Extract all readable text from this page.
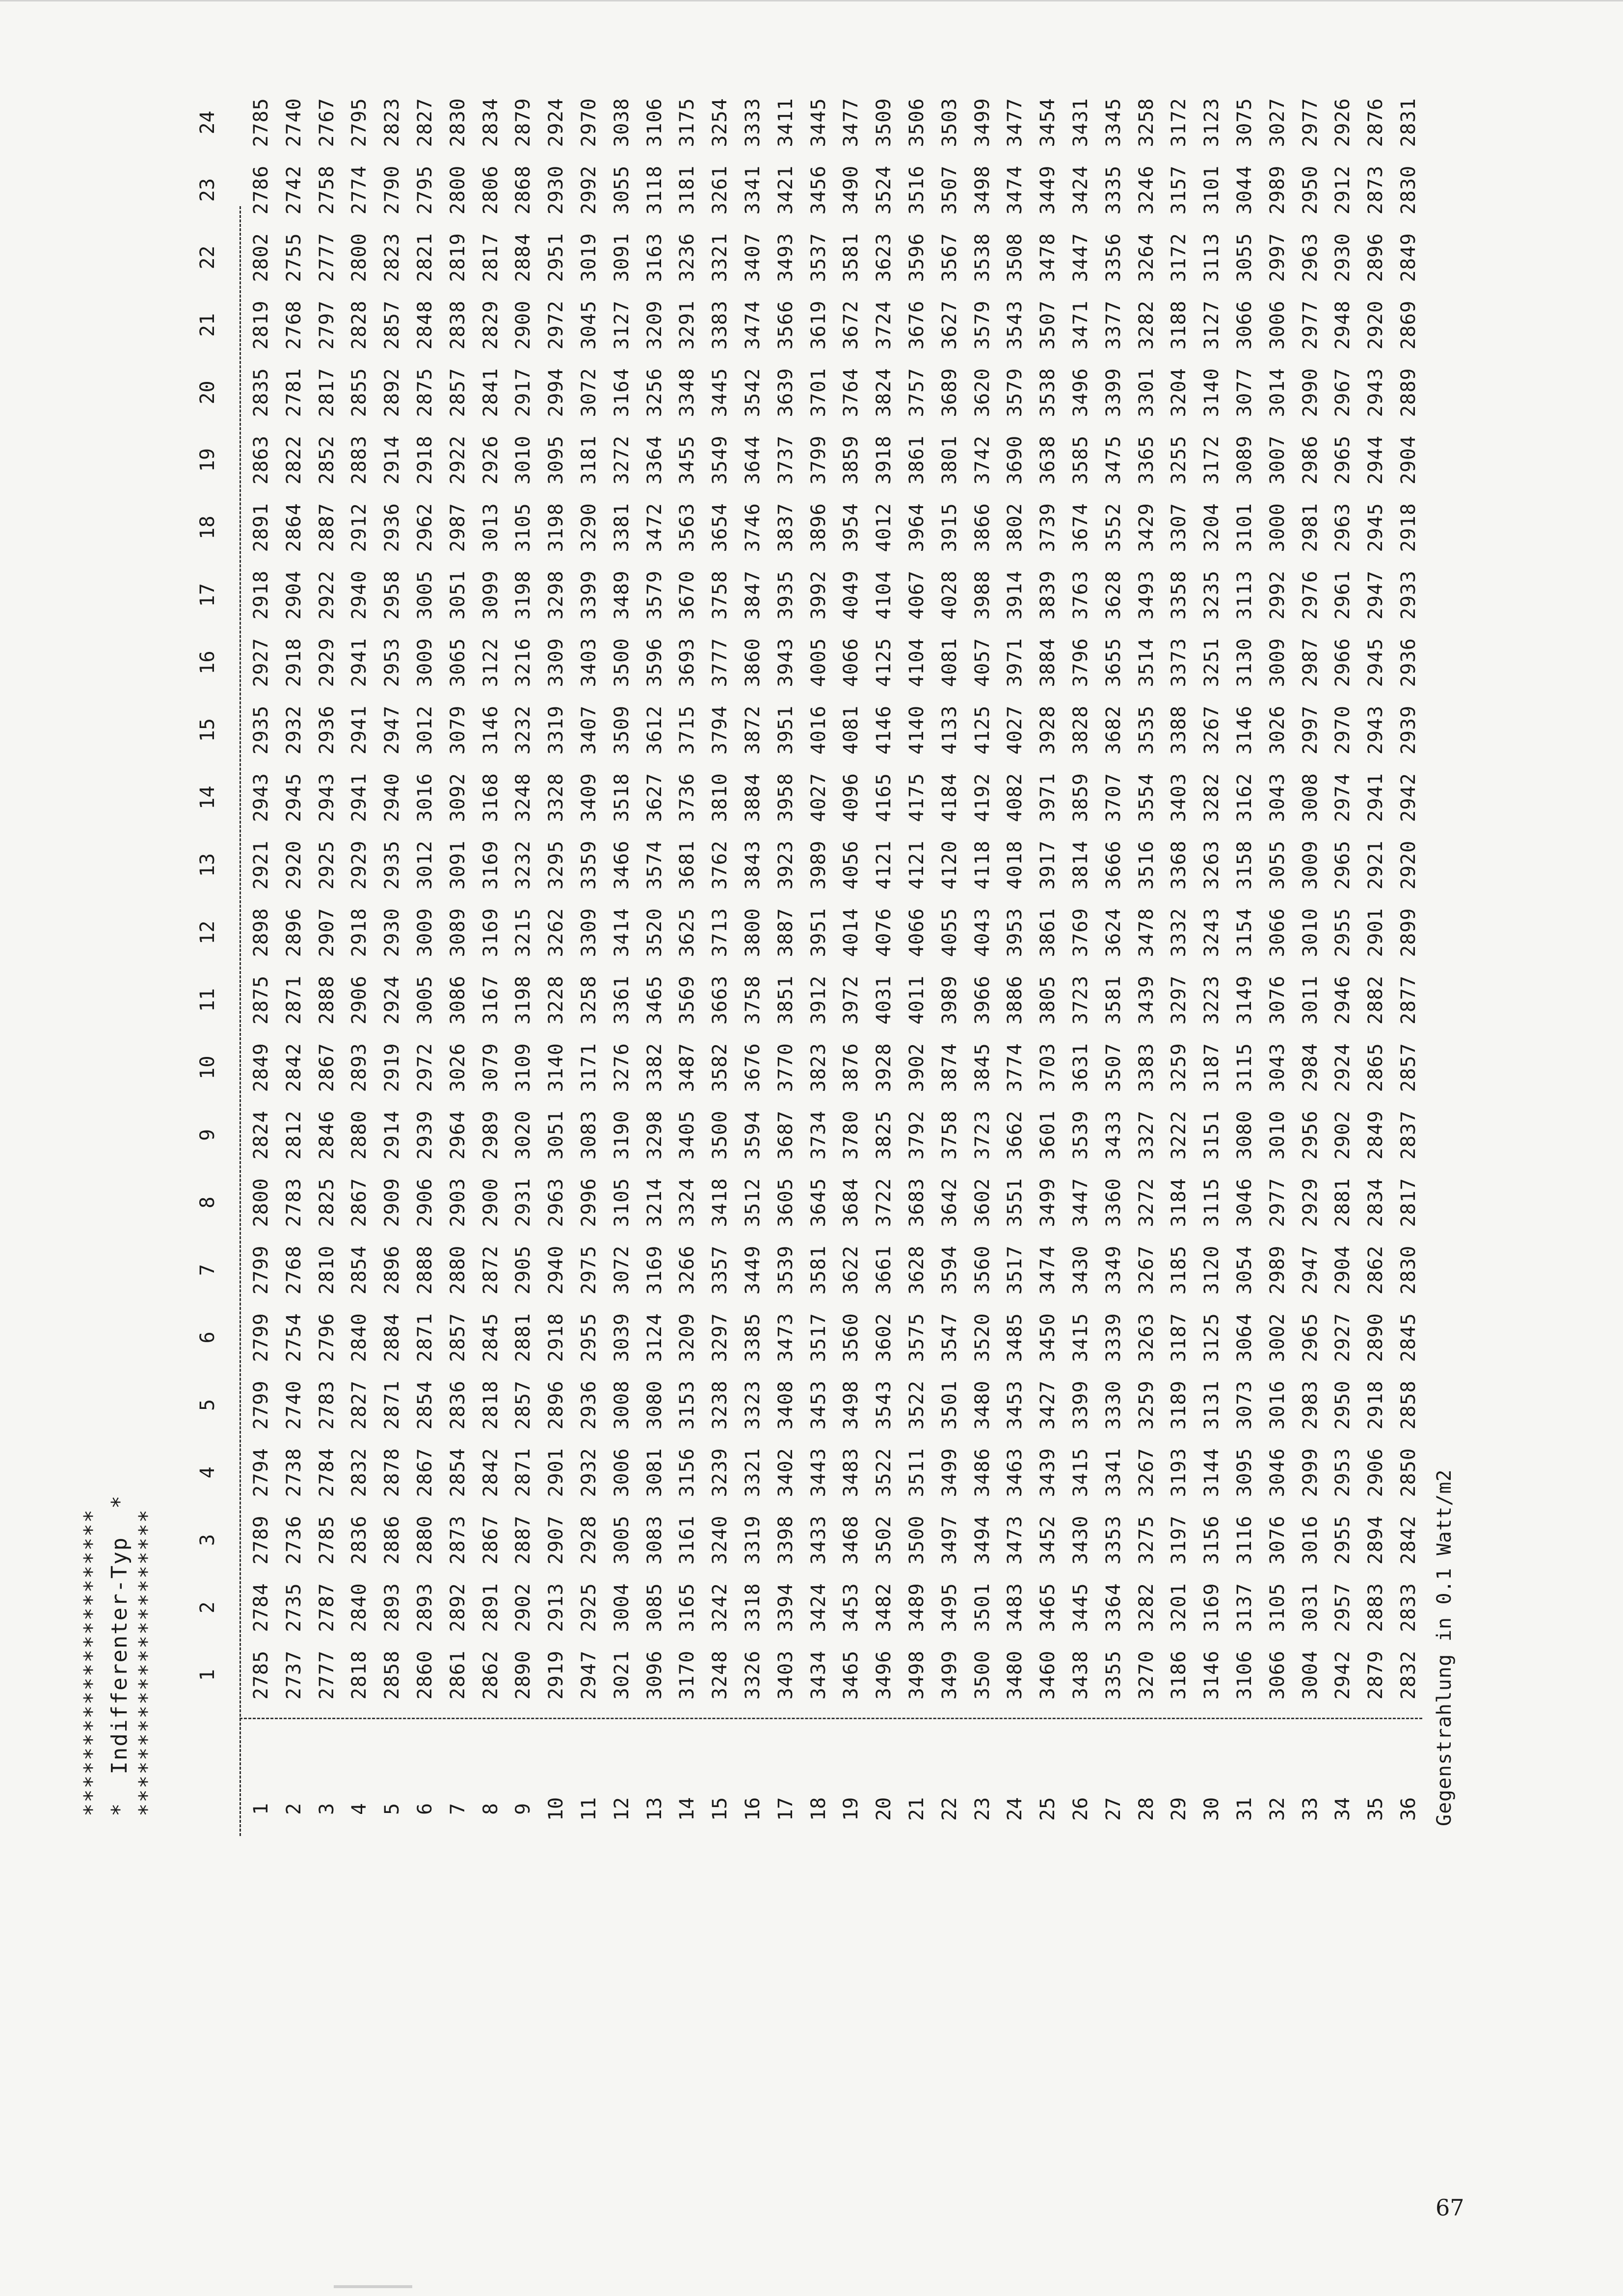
********************** *  Indifferenter-Typ  * ********************** 1
2
3
4
5
6
7
8
9
10
11
12
13
14
15
16
17
18
19
20
21
22
23
24
1
2785
2784
2789
2794
2799
2799
2799
2800
2824
2849
2875
2898
2921
2943
2935
2927
2918
2891
2863
2835
2819
2802
2786
2785
2
2737
2735
2736
2738
2740
2754
2768
2783
2812
2842
2871
2896
2920
2945
2932
2918
2904
2864
2822
2781
2768
2755
2742
2740
3
2777
2787
2785
2784
2783
2796
2810
2825
2846
2867
2888
2907
2925
2943
2936
2929
2922
2887
2852
2817
2797
2777
2758
2767
4
2818
2840
2836
2832
2827
2840
2854
2867
2880
2893
2906
2918
2929
2941
2941
2941
2940
2912
2883
2855
2828
2800
2774
2795
5
2858
2893
2886
2878
2871
2884
2896
2909
2914
2919
2924
2930
2935
2940
2947
2953
2958
2936
2914
2892
2857
2823
2790
2823
6
2860
2893
2880
2867
2854
2871
2888
2906
2939
2972
3005
3009
3012
3016
3012
3009
3005
2962
2918
2875
2848
2821
2795
2827
7
2861
2892
2873
2854
2836
2857
2880
2903
2964
3026
3086
3089
3091
3092
3079
3065
3051
2987
2922
2857
2838
2819
2800
2830
8
2862
2891
2867
2842
2818
2845
2872
2900
2989
3079
3167
3169
3169
3168
3146
3122
3099
3013
2926
2841
2829
2817
2806
2834
9
2890
2902
2887
2871
2857
2881
2905
2931
3020
3109
3198
3215
3232
3248
3232
3216
3198
3105
3010
2917
2900
2884
2868
2879
10
2919
2913
2907
2901
2896
2918
2940
2963
3051
3140
3228
3262
3295
3328
3319
3309
3298
3198
3095
2994
2972
2951
2930
2924
11
2947
2925
2928
2932
2936
2955
2975
2996
3083
3171
3258
3309
3359
3409
3407
3403
3399
3290
3181
3072
3045
3019
2992
2970
12
3021
3004
3005
3006
3008
3039
3072
3105
3190
3276
3361
3414
3466
3518
3509
3500
3489
3381
3272
3164
3127
3091
3055
3038
13
3096
3085
3083
3081
3080
3124
3169
3214
3298
3382
3465
3520
3574
3627
3612
3596
3579
3472
3364
3256
3209
3163
3118
3106
14
3170
3165
3161
3156
3153
3209
3266
3324
3405
3487
3569
3625
3681
3736
3715
3693
3670
3563
3455
3348
3291
3236
3181
3175
15
3248
3242
3240
3239
3238
3297
3357
3418
3500
3582
3663
3713
3762
3810
3794
3777
3758
3654
3549
3445
3383
3321
3261
3254
16
3326
3318
3319
3321
3323
3385
3449
3512
3594
3676
3758
3800
3843
3884
3872
3860
3847
3746
3644
3542
3474
3407
3341
3333
17
3403
3394
3398
3402
3408
3473
3539
3605
3687
3770
3851
3887
3923
3958
3951
3943
3935
3837
3737
3639
3566
3493
3421
3411
18
3434
3424
3433
3443
3453
3517
3581
3645
3734
3823
3912
3951
3989
4027
4016
4005
3992
3896
3799
3701
3619
3537
3456
3445
19
3465
3453
3468
3483
3498
3560
3622
3684
3780
3876
3972
4014
4056
4096
4081
4066
4049
3954
3859
3764
3672
3581
3490
3477
20
3496
3482
3502
3522
3543
3602
3661
3722
3825
3928
4031
4076
4121
4165
4146
4125
4104
4012
3918
3824
3724
3623
3524
3509
21
3498
3489
3500
3511
3522
3575
3628
3683
3792
3902
4011
4066
4121
4175
4140
4104
4067
3964
3861
3757
3676
3596
3516
3506
22
3499
3495
3497
3499
3501
3547
3594
3642
3758
3874
3989
4055
4120
4184
4133
4081
4028
3915
3801
3689
3627
3567
3507
3503
23
3500
3501
3494
3486
3480
3520
3560
3602
3723
3845
3966
4043
4118
4192
4125
4057
3988
3866
3742
3620
3579
3538
3498
3499
24
3480
3483
3473
3463
3453
3485
3517
3551
3662
3774
3886
3953
4018
4082
4027
3971
3914
3802
3690
3579
3543
3508
3474
3477
25
3460
3465
3452
3439
3427
3450
3474
3499
3601
3703
3805
3861
3917
3971
3928
3884
3839
3739
3638
3538
3507
3478
3449
3454
26
3438
3445
3430
3415
3399
3415
3430
3447
3539
3631
3723
3769
3814
3859
3828
3796
3763
3674
3585
3496
3471
3447
3424
3431
27
3355
3364
3353
3341
3330
3339
3349
3360
3433
3507
3581
3624
3666
3707
3682
3655
3628
3552
3475
3399
3377
3356
3335
3345
28
3270
3282
3275
3267
3259
3263
3267
3272
3327
3383
3439
3478
3516
3554
3535
3514
3493
3429
3365
3301
3282
3264
3246
3258
29
3186
3201
3197
3193
3189
3187
3185
3184
3222
3259
3297
3332
3368
3403
3388
3373
3358
3307
3255
3204
3188
3172
3157
3172
30
3146
3169
3156
3144
3131
3125
3120
3115
3151
3187
3223
3243
3263
3282
3267
3251
3235
3204
3172
3140
3127
3113
3101
3123
31
3106
3137
3116
3095
3073
3064
3054
3046
3080
3115
3149
3154
3158
3162
3146
3130
3113
3101
3089
3077
3066
3055
3044
3075
32
3066
3105
3076
3046
3016
3002
2989
2977
3010
3043
3076
3066
3055
3043
3026
3009
2992
3000
3007
3014
3006
2997
2989
3027
33
3004
3031
3016
2999
2983
2965
2947
2929
2956
2984
3011
3010
3009
3008
2997
2987
2976
2981
2986
2990
2977
2963
2950
2977
34
2942
2957
2955
2953
2950
2927
2904
2881
2902
2924
2946
2955
2965
2974
2970
2966
2961
2963
2965
2967
2948
2930
2912
2926
35
2879
2883
2894
2906
2918
2890
2862
2834
2849
2865
2882
2901
2921
2941
2943
2945
2947
2945
2944
2943
2920
2896
2873
2876
36
2832
2833
2842
2850
2858
2845
2830
2817
2837
2857
2877
2899
2920
2942
2939
2936
2933
2918
2904
2889
2869
2849
2830
2831
Gegenstrahlung in 0.1 Watt/m2
67
